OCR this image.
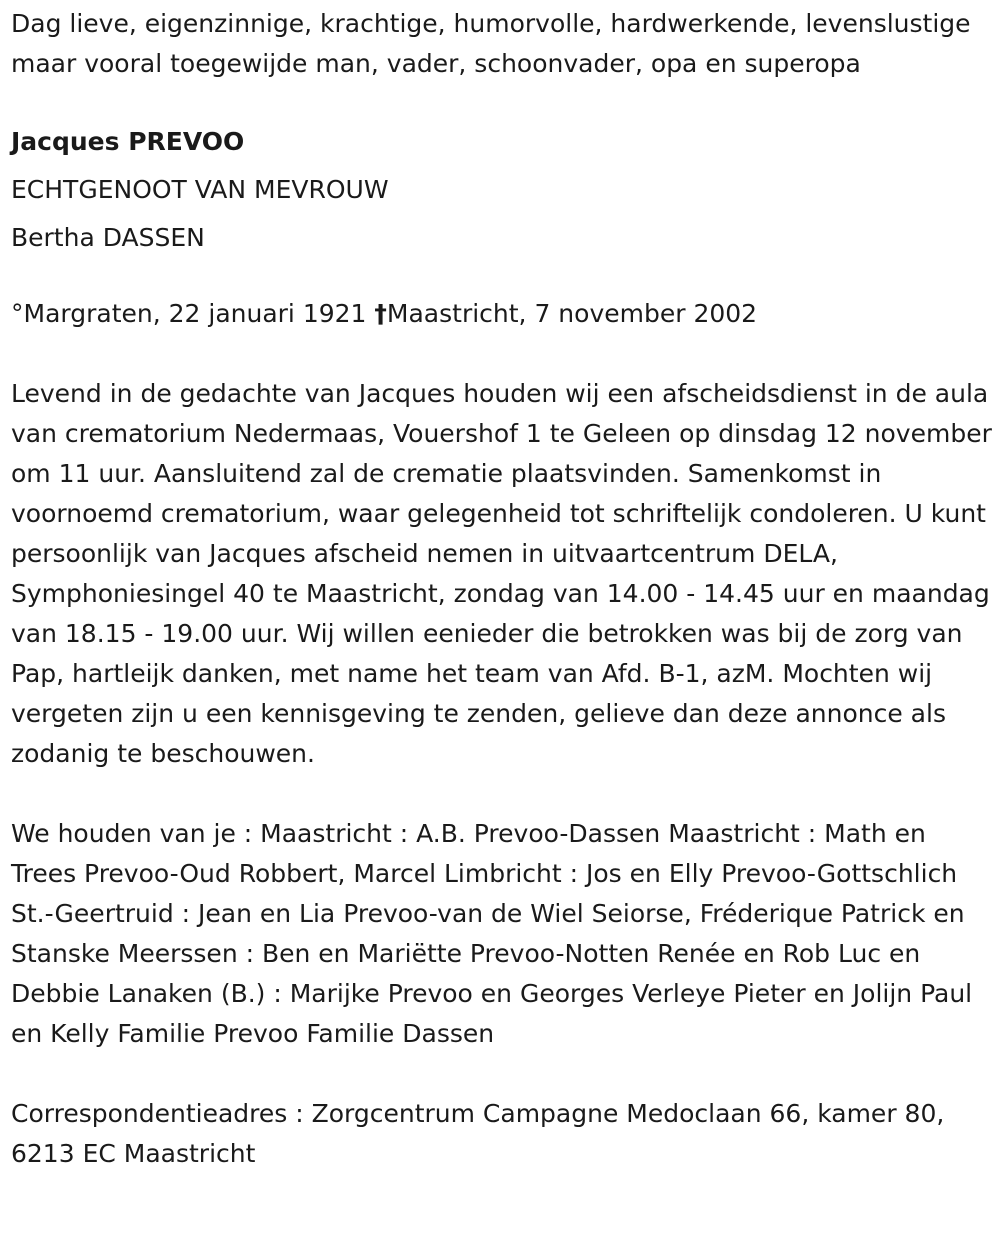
Dag lieve, eigenzinnige, krachtige, humorvolle, hardwerkende, levenslustige maar vooral toegewijde man, vader, schoonvader, opa en superopa

Jacques PREVOO
ECHTGENOOT VAN MEVROUW
Bertha DASSEN
°Margraten, 22 januari 1921 †Maastricht, 7 november 2002

Levend in de gedachte van Jacques houden wij een afscheidsdienst in de aula van crematorium Nedermaas, Vouershof 1 te Geleen op dinsdag 12 november om 11 uur. Aansluitend zal de crematie plaatsvinden. Samenkomst in voornoemd crematorium, waar gelegenheid tot schriftelijk condoleren. U kunt persoonlijk van Jacques afscheid nemen in uitvaartcentrum DELA, Symphoniesingel 40 te Maastricht, zondag van 14.00 - 14.45 uur en maandag van 18.15 - 19.00 uur. Wij willen eenieder die betrokken was bij de zorg van Pap, hartleijk danken, met name het team van Afd. B-1, azM. Mochten wij vergeten zijn u een kennisgeving te zenden, gelieve dan deze annonce als zodanig te beschouwen.

We houden van je : Maastricht : A.B. Prevoo-Dassen Maastricht : Math en Trees Prevoo-Oud Robbert, Marcel Limbricht : Jos en Elly Prevoo-Gottschlich St.-Geertruid : Jean en Lia Prevoo-van de Wiel Seiorse, Fréderique Patrick en Stanske Meerssen : Ben en Mariëtte Prevoo-Notten Renée en Rob Luc en Debbie Lanaken (B.) : Marijke Prevoo en Georges Verleye Pieter en Jolijn Paul en Kelly Familie Prevoo Familie Dassen

Correspondentieadres : Zorgcentrum Campagne Medoclaan 66, kamer 80, 6213 EC Maastricht
